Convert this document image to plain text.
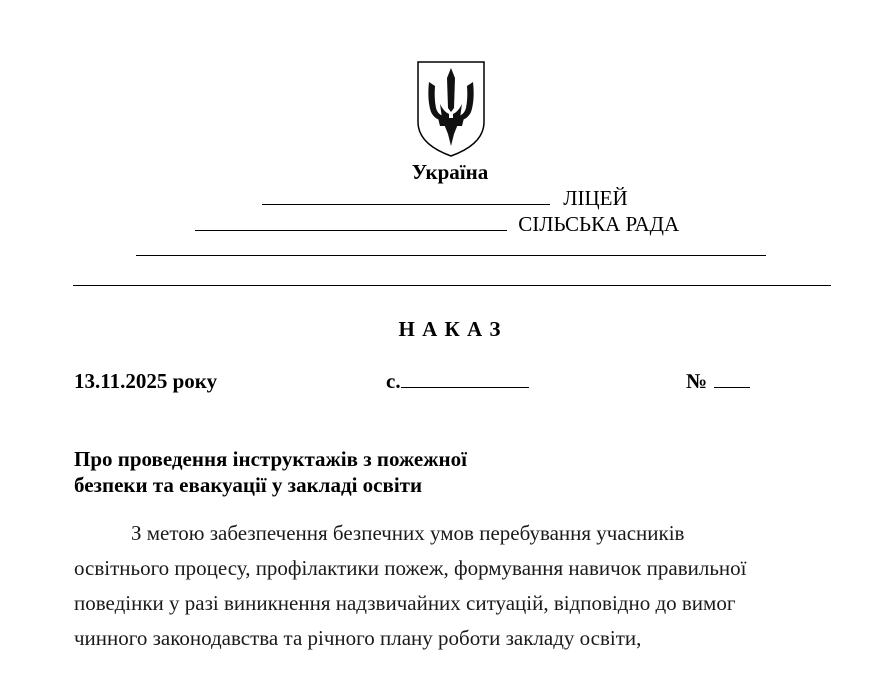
Україна
ЛІЦЕЙ
СІЛЬСЬКА РАДА
Н А К А З
13.11.2025 року	с.	№
Про проведення інструктажів з пожежної
безпеки та евакуації у закладі освіти
З метою забезпечення безпечних умов перебування учасників
освітнього процесу, профілактики пожеж, формування навичок правильної
поведінки у разі виникнення надзвичайних ситуацій, відповідно до вимог
чинного законодавства та річного плану роботи закладу освіти,
